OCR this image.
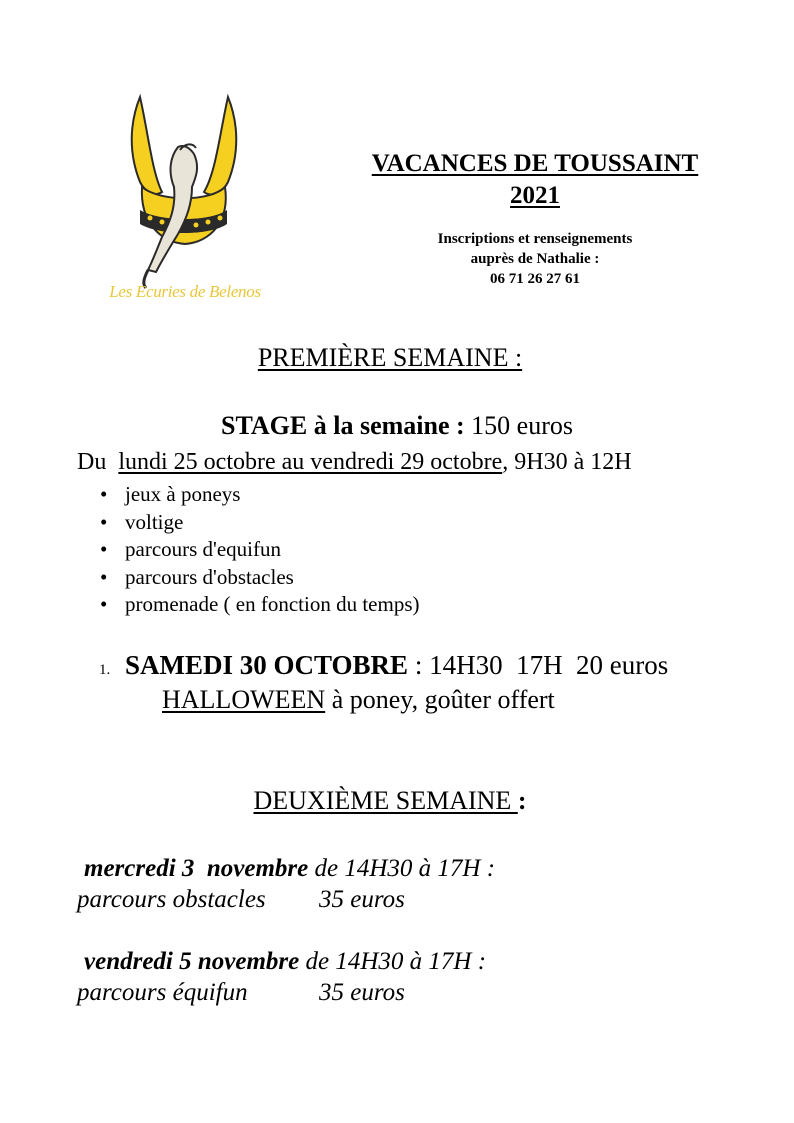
Les Ecuries de Belenos
VACANCES DE TOUSSAINT
2021
Inscriptions et renseignements
auprès de Nathalie :
06 71 26 27 61
PREMIÈRE SEMAINE :
STAGE à la semaine : 150 euros
Du  lundi 25 octobre au vendredi 29 octobre, 9H30 à 12H
• jeux à poneys
• voltige
• parcours d'equifun
• parcours d'obstacles
• promenade ( en fonction du temps)
1. SAMEDI 30 OCTOBRE : 14H30  17H  20 euros
HALLOWEEN à poney, goûter offert
DEUXIÈME SEMAINE :
mercredi 3  novembre de 14H30 à 17H :
parcours obstacles 35 euros
vendredi 5 novembre de 14H30 à 17H :
parcours équifun	35 euros
